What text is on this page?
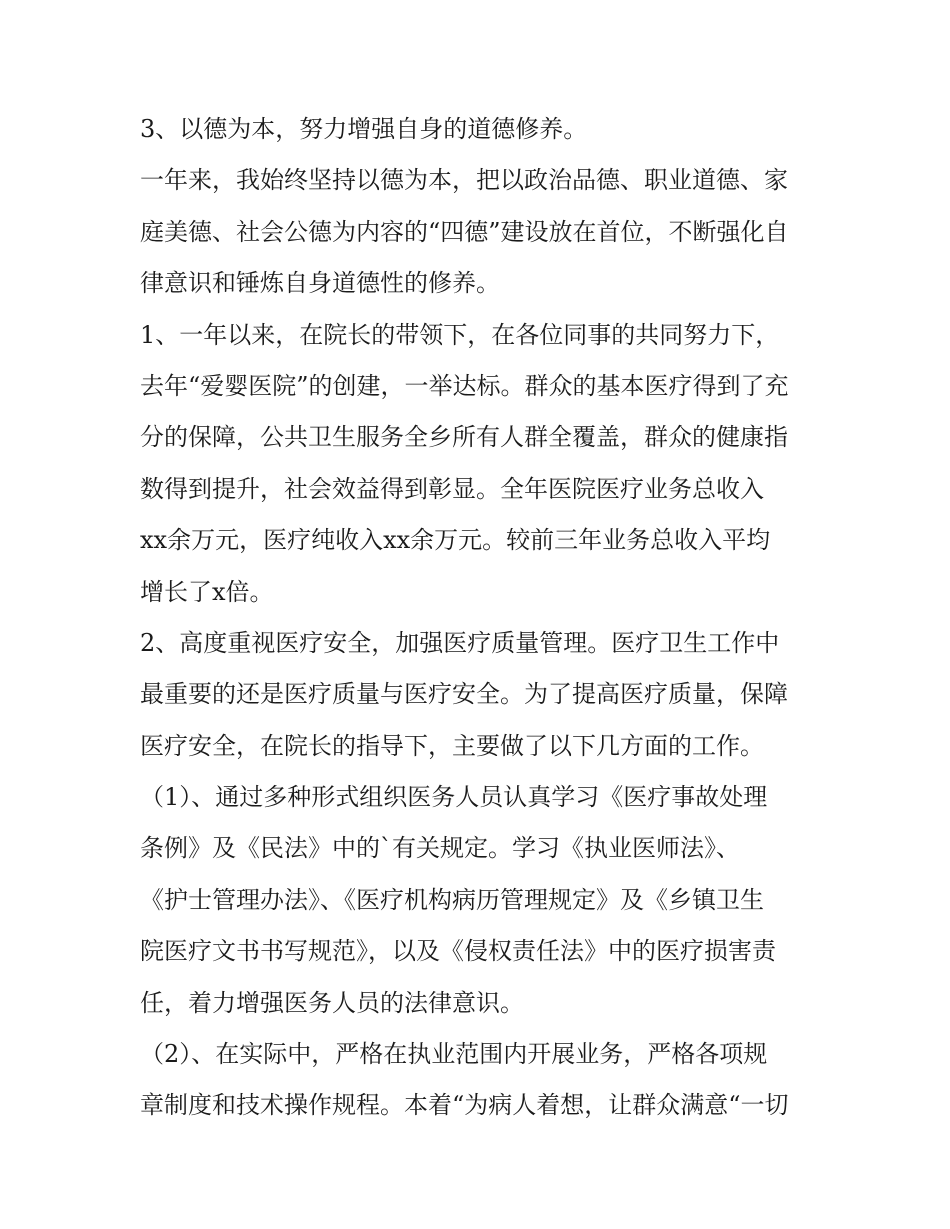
3、以德为本，努力增强自身的道德修养。
一年来，我始终坚持以德为本，把以政治品德、职业道德、家
庭美德、社会公德为内容的“四德”建设放在首位，不断强化自
律意识和锤炼自身道德性的修养。
1、一年以来，在院长的带领下，在各位同事的共同努力下，
去年“爱婴医院”的创建，一举达标。群众的基本医疗得到了充
分的保障，公共卫生服务全乡所有人群全覆盖，群众的健康指
数得到提升，社会效益得到彰显。全年医院医疗业务总收入
xx余万元，医疗纯收入xx余万元。较前三年业务总收入平均
增长了x倍。
2、高度重视医疗安全，加强医疗质量管理。医疗卫生工作中
最重要的还是医疗质量与医疗安全。为了提高医疗质量，保障
医疗安全，在院长的指导下，主要做了以下几方面的工作。
（1）、通过多种形式组织医务人员认真学习《医疗事故处理
条例》及《民法》中的`有关规定。学习《执业医师法》、
《护士管理办法》、《医疗机构病历管理规定》及《乡镇卫生
院医疗文书书写规范》，以及《侵权责任法》中的医疗损害责
任，着力增强医务人员的法律意识。
（2）、在实际中，严格在执业范围内开展业务，严格各项规
章制度和技术操作规程。本着“为病人着想，让群众满意“一切
